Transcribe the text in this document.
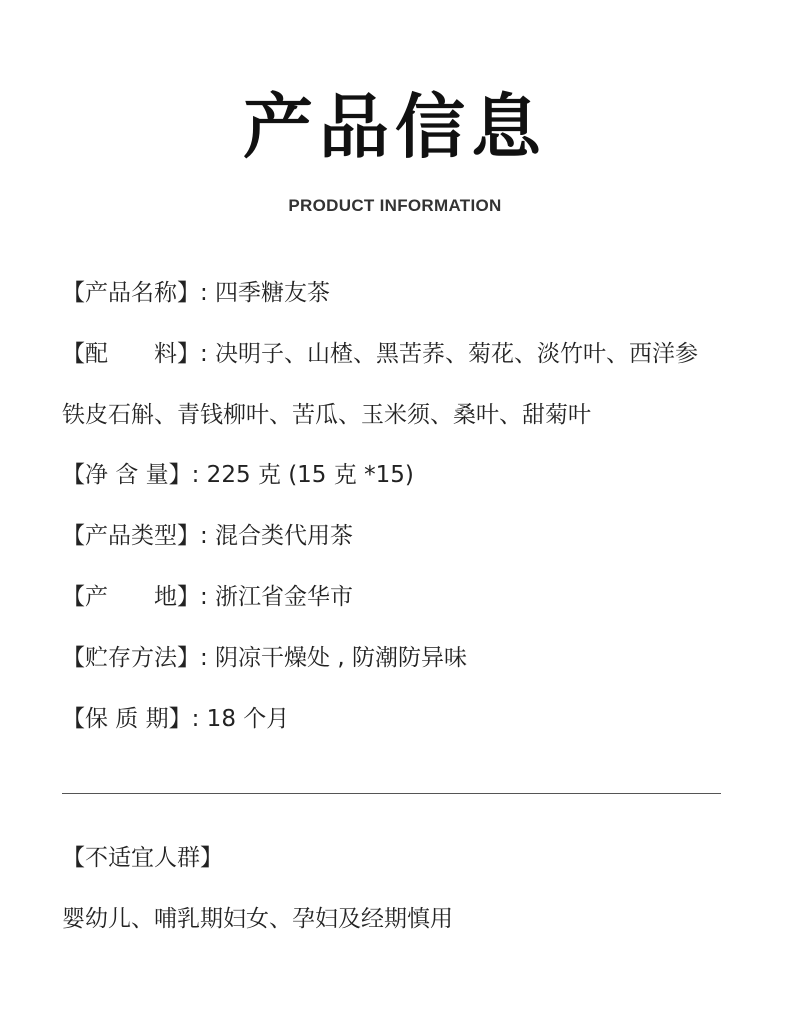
产品信息
PRODUCT INFORMATION
【产品名称】: 四季糖友茶
【配　　料】: 决明子、山楂、黑苦荞、菊花、淡竹叶、西洋参
铁皮石斛、青钱柳叶、苦瓜、玉米须、桑叶、甜菊叶
【净 含 量】: 225 克 (15 克 *15)
【产品类型】: 混合类代用茶
【产　　地】: 浙江省金华市
【贮存方法】: 阴凉干燥处 , 防潮防异味
【保 质 期】: 18 个月
【不适宜人群】
婴幼儿、哺乳期妇女、孕妇及经期慎用
